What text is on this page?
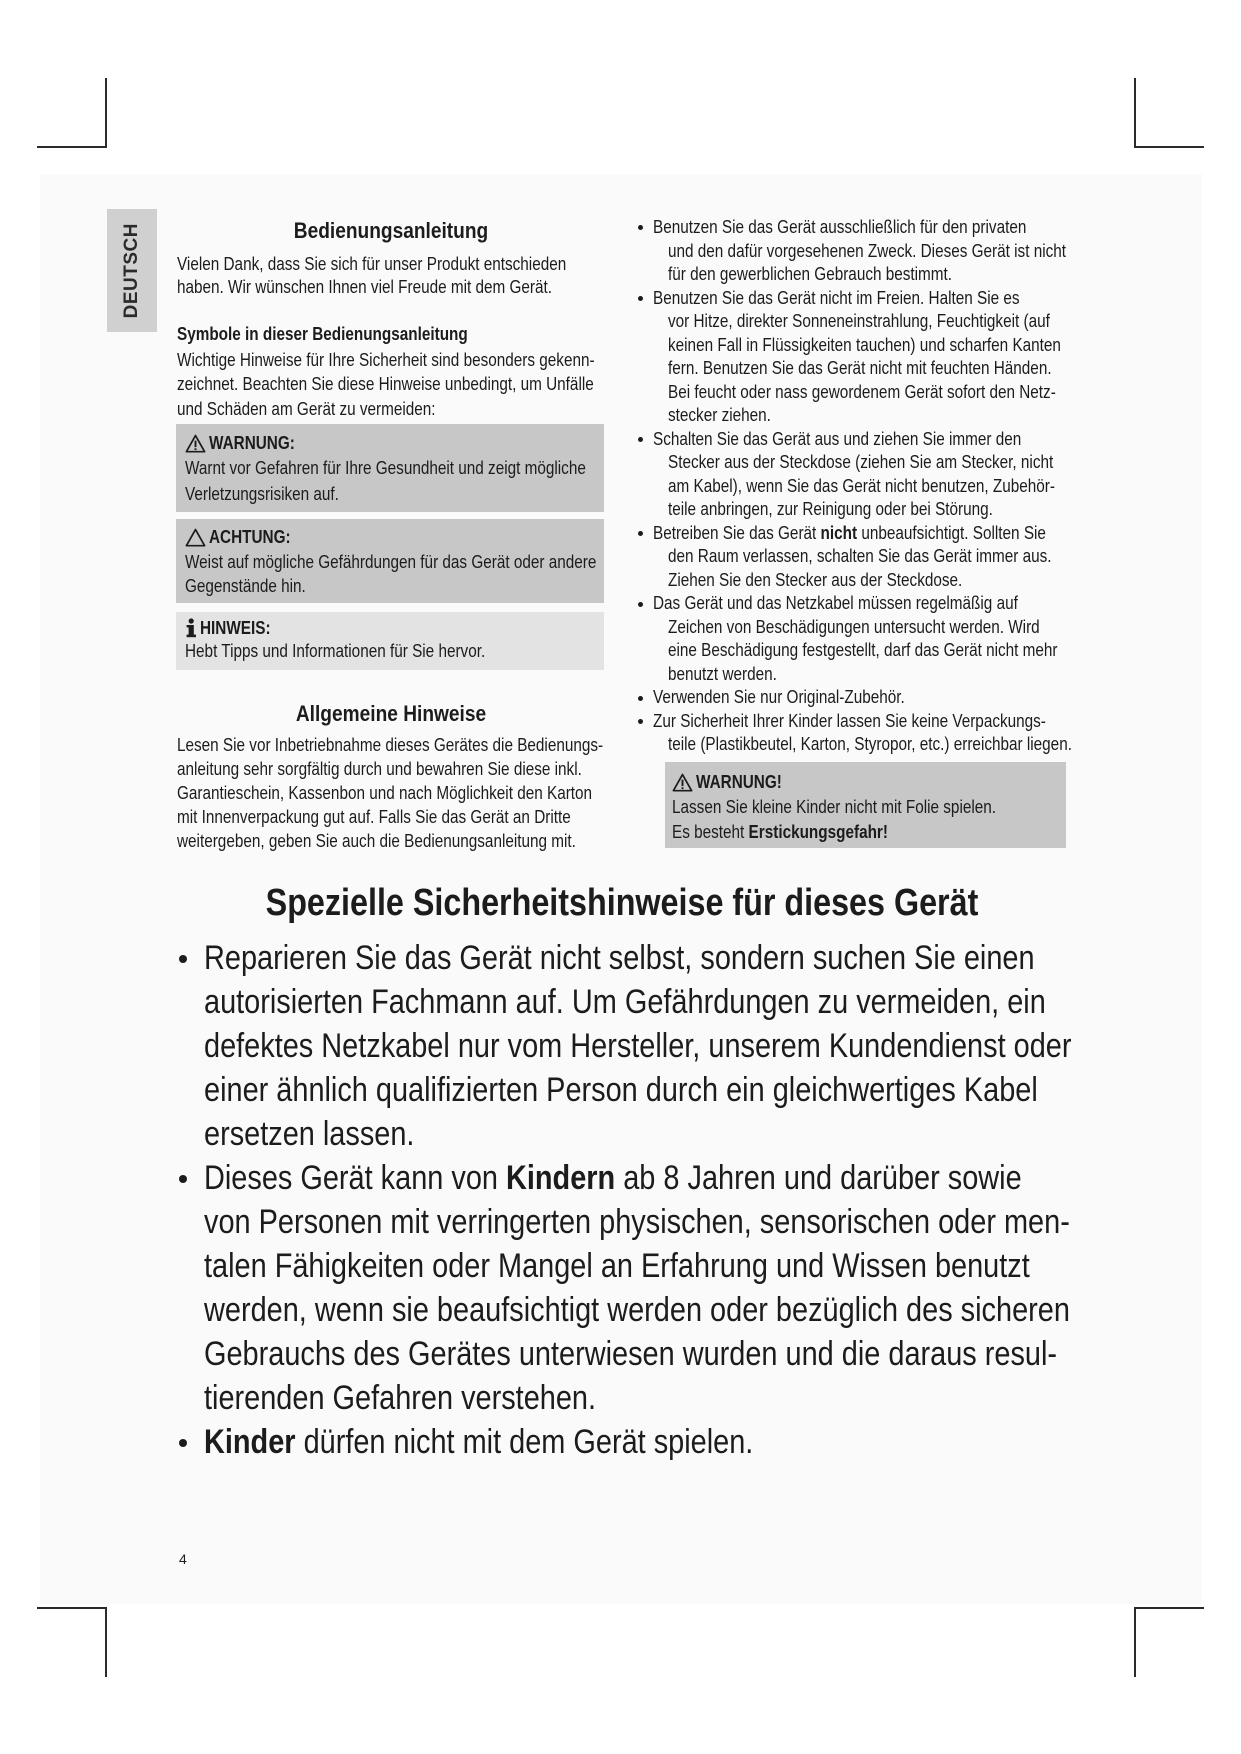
DEUTSCH	Bedienungsanleitung
Vielen Dank, dass Sie sich für unser Produkt entschieden
haben. Wir wünschen Ihnen viel Freude mit dem Gerät.
Symbole in dieser Bedienungsanleitung
Wichtige Hinweise für Ihre Sicherheit sind besonders gekenn-
zeichnet. Beachten Sie diese Hinweise unbedingt, um Unfälle
und Schäden am Gerät zu vermeiden:
WARNUNG:
Warnt vor Gefahren für Ihre Gesundheit und zeigt mögliche
Verletzungsrisiken auf.
ACHTUNG:
Weist auf mögliche Gefährdungen für das Gerät oder andere
Gegenstände hin.
HINWEIS:
Hebt Tipps und Informationen für Sie hervor.
Allgemeine Hinweise
Lesen Sie vor Inbetriebnahme dieses Gerätes die Bedienungs-
anleitung sehr sorgfältig durch und bewahren Sie diese inkl.
Garantieschein, Kassenbon und nach Möglichkeit den Karton
mit Innenverpackung gut auf. Falls Sie das Gerät an Dritte
weitergeben, geben Sie auch die Bedienungsanleitung mit.
Benutzen Sie das Gerät ausschließlich für den privaten
und den dafür vorgesehenen Zweck. Dieses Gerät ist nicht
für den gewerblichen Gebrauch bestimmt.
Benutzen Sie das Gerät nicht im Freien. Halten Sie es
vor Hitze, direkter Sonneneinstrahlung, Feuchtigkeit (auf
keinen Fall in Flüssigkeiten tauchen) und scharfen Kanten
fern. Benutzen Sie das Gerät nicht mit feuchten Händen.
Bei feucht oder nass gewordenem Gerät sofort den Netz-
stecker ziehen.
Schalten Sie das Gerät aus und ziehen Sie immer den
Stecker aus der Steckdose (ziehen Sie am Stecker, nicht
am Kabel), wenn Sie das Gerät nicht benutzen, Zubehör-
teile anbringen, zur Reinigung oder bei Störung.
Betreiben Sie das Gerät nicht unbeaufsichtigt. Sollten Sie
den Raum verlassen, schalten Sie das Gerät immer aus.
Ziehen Sie den Stecker aus der Steckdose.
Das Gerät und das Netzkabel müssen regelmäßig auf
Zeichen von Beschädigungen untersucht werden. Wird
eine Beschädigung festgestellt, darf das Gerät nicht mehr
benutzt werden.
Verwenden Sie nur Original-Zubehör.
Zur Sicherheit Ihrer Kinder lassen Sie keine Verpackungs-
teile (Plastikbeutel, Karton, Styropor, etc.) erreichbar liegen.
WARNUNG!
Lassen Sie kleine Kinder nicht mit Folie spielen.
Es besteht Erstickungsgefahr!
Spezielle Sicherheitshinweise für dieses Gerät
Reparieren Sie das Gerät nicht selbst, sondern suchen Sie einen
autorisierten Fachmann auf. Um Gefährdungen zu vermeiden, ein
defektes Netzkabel nur vom Hersteller, unserem Kundendienst oder
einer ähnlich qualifizierten Person durch ein gleichwertiges Kabel
ersetzen lassen.
Dieses Gerät kann von Kindern ab 8 Jahren und darüber sowie
von Personen mit verringerten physischen, sensorischen oder men-
talen Fähigkeiten oder Mangel an Erfahrung und Wissen benutzt
werden, wenn sie beaufsichtigt werden oder bezüglich des sicheren
Gebrauchs des Gerätes unterwiesen wurden und die daraus resul-
tierenden Gefahren verstehen.
Kinder dürfen nicht mit dem Gerät spielen.
4
